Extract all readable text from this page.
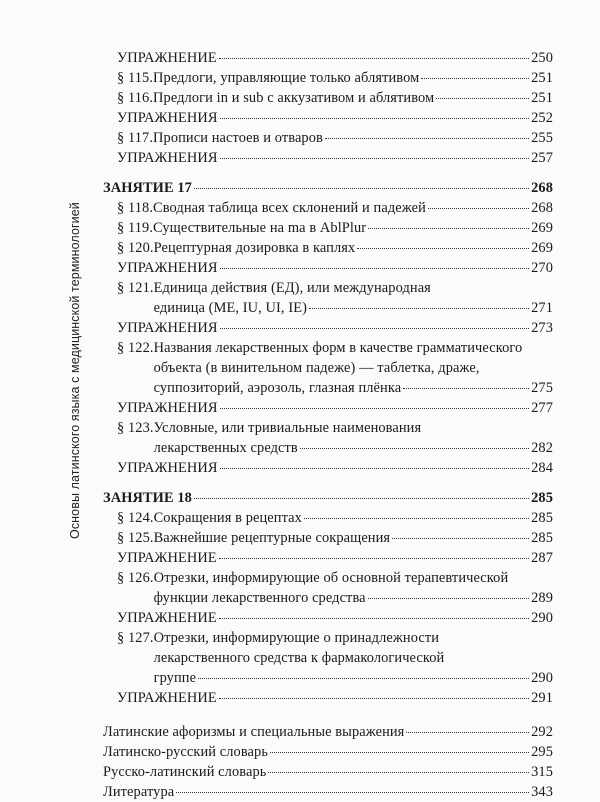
Основы латинского языка с медицинской терминологией
УПРАЖНЕНИЕ	250
§ 115. Предлоги, управляющие только аблятивом	251
§ 116. Предлоги in и sub с аккузативом и аблятивом	251
УПРАЖНЕНИЯ	252
§ 117. Прописи настоев и отваров	255
УПРАЖНЕНИЯ	257
ЗАНЯТИЕ 17	268
§ 118. Сводная таблица всех склонений и падежей	268
§ 119. Существительные на ma в AblPlur	269
§ 120. Рецептурная дозировка в каплях	269
УПРАЖНЕНИЯ	270
§ 121. Единица действия (ЕД), или международная
единица (ME, IU, UI, IE)	271
УПРАЖНЕНИЯ	273
§ 122. Названия лекарственных форм в качестве грамматического
объекта (в винительном падеже) — таблетка, драже,
суппозиторий, аэрозоль, глазная плёнка	275
УПРАЖНЕНИЯ	277
§ 123. Условные, или тривиальные наименования
лекарственных средств	282
УПРАЖНЕНИЯ	284
ЗАНЯТИЕ 18	285
§ 124. Сокращения в рецептах	285
§ 125. Важнейшие рецептурные сокращения	285
УПРАЖНЕНИЕ	287
§ 126. Отрезки, информирующие об основной терапевтической
функции лекарственного средства	289
УПРАЖНЕНИЕ	290
§ 127. Отрезки, информирующие о принадлежности
лекарственного средства к фармакологической
группе	290
УПРАЖНЕНИЕ	291
Латинские афоризмы и специальные выражения	292
Латинско-русский словарь	295
Русско-латинский словарь	315
Литература	343
